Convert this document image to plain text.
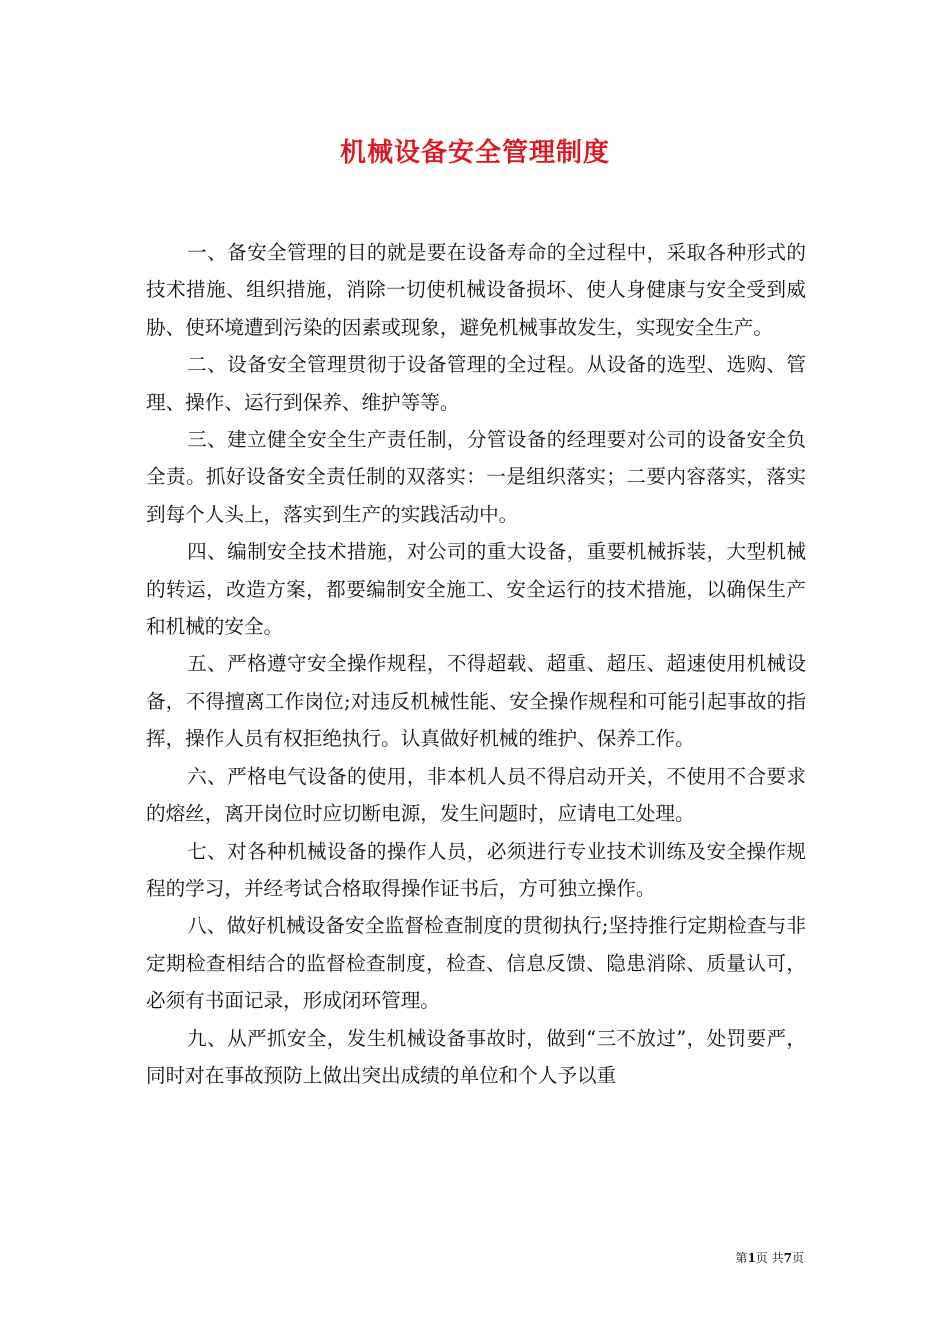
机械设备安全管理制度

一、备安全管理的目的就是要在设备寿命的全过程中，采取各种形式的技术措施、组织措施，消除一切使机械设备损坏、使人身健康与安全受到威胁、使环境遭到污染的因素或现象，避免机械事故发生，实现安全生产。

二、设备安全管理贯彻于设备管理的全过程。从设备的选型、选购、管理、操作、运行到保养、维护等等。

三、建立健全安全生产责任制，分管设备的经理要对公司的设备安全负全责。抓好设备安全责任制的双落实：一是组织落实；二要内容落实，落实到每个人头上，落实到生产的实践活动中。

四、编制安全技术措施，对公司的重大设备，重要机械拆装，大型机械的转运，改造方案，都要编制安全施工、安全运行的技术措施，以确保生产和机械的安全。

五、严格遵守安全操作规程，不得超载、超重、超压、超速使用机械设备，不得擅离工作岗位;对违反机械性能、安全操作规程和可能引起事故的指挥，操作人员有权拒绝执行。认真做好机械的维护、保养工作。

六、严格电气设备的使用，非本机人员不得启动开关，不使用不合要求的熔丝，离开岗位时应切断电源，发生问题时，应请电工处理。

七、对各种机械设备的操作人员，必须进行专业技术训练及安全操作规程的学习，并经考试合格取得操作证书后，方可独立操作。

八、做好机械设备安全监督检查制度的贯彻执行;坚持推行定期检查与非定期检查相结合的监督检查制度，检查、信息反馈、隐患消除、质量认可，必须有书面记录，形成闭环管理。

九、从严抓安全，发生机械设备事故时，做到“三不放过”，处罚要严，同时对在事故预防上做出突出成绩的单位和个人予以重

第1页 共7页
